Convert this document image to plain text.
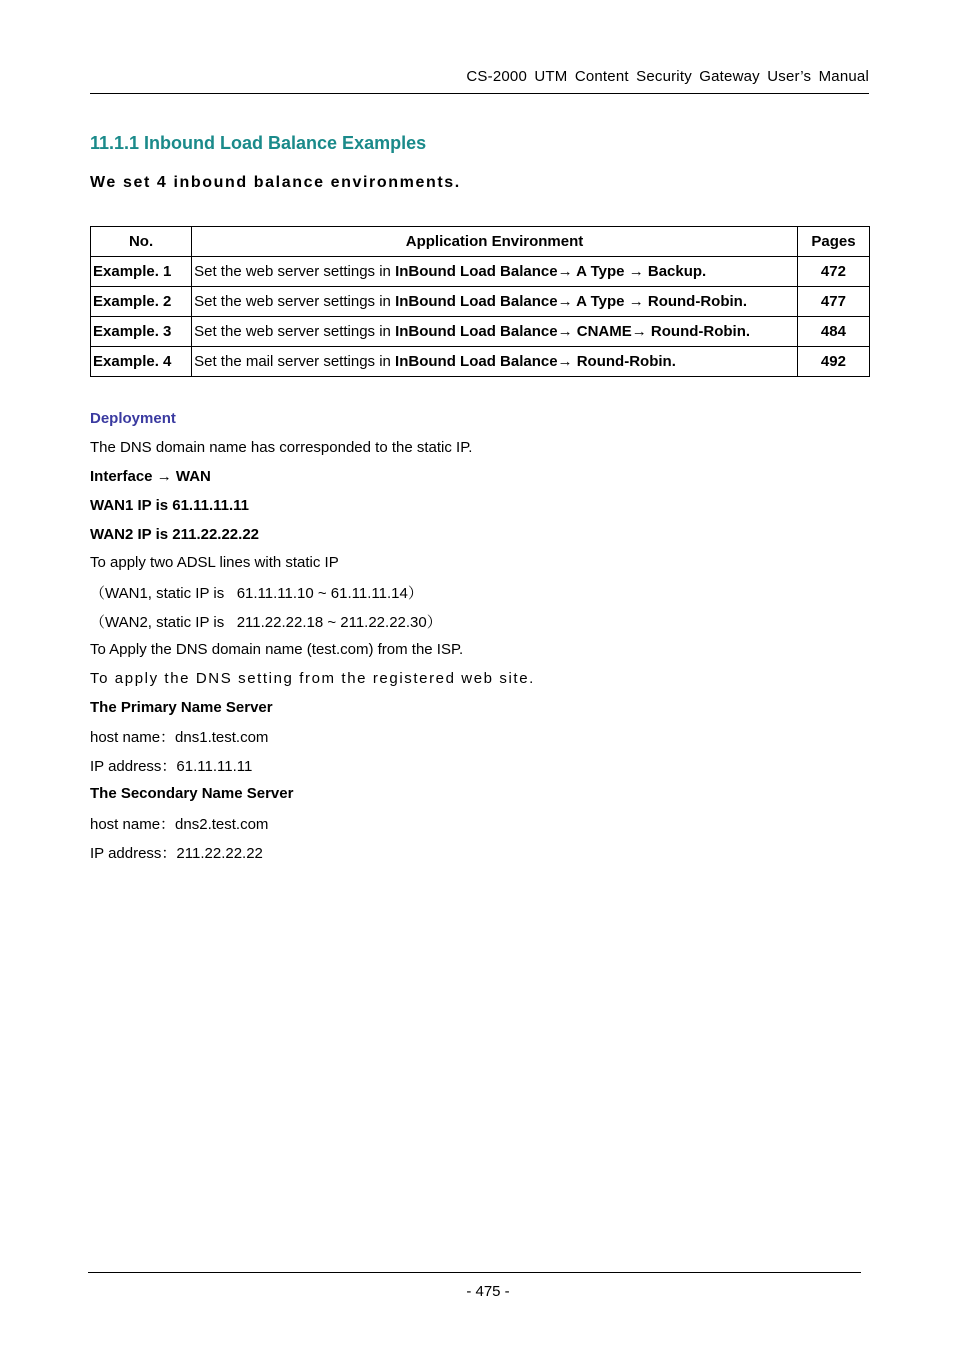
CS-2000 UTM Content Security Gateway User’s Manual
11.1.1 Inbound Load Balance Examples
We set 4 inbound balance environments.
No.	Application Environment	Pages
Example. 1	Set the web server settings in InBound Load Balance→ A Type → Backup.	472
Example. 2	Set the web server settings in InBound Load Balance→ A Type → Round-Robin.	477
Example. 3	Set the web server settings in InBound Load Balance→ CNAME→ Round-Robin.	484
Example. 4	Set the mail server settings in InBound Load Balance→ Round-Robin.	492
Deployment
The DNS domain name has corresponded to the static IP.
Interface → WAN
WAN1 IP is 61.11.11.11
WAN2 IP is 211.22.22.22
To apply two ADSL lines with static IP
（WAN1, static IP is   61.11.11.10 ~ 61.11.11.14）
（WAN2, static IP is   211.22.22.18 ~ 211.22.22.30）
To Apply the DNS domain name (test.com) from the ISP.
To apply the DNS setting from the registered web site.
The Primary Name Server
host name：dns1.test.com
IP address：61.11.11.11
The Secondary Name Server
host name：dns2.test.com
IP address：211.22.22.22
- 475 -
